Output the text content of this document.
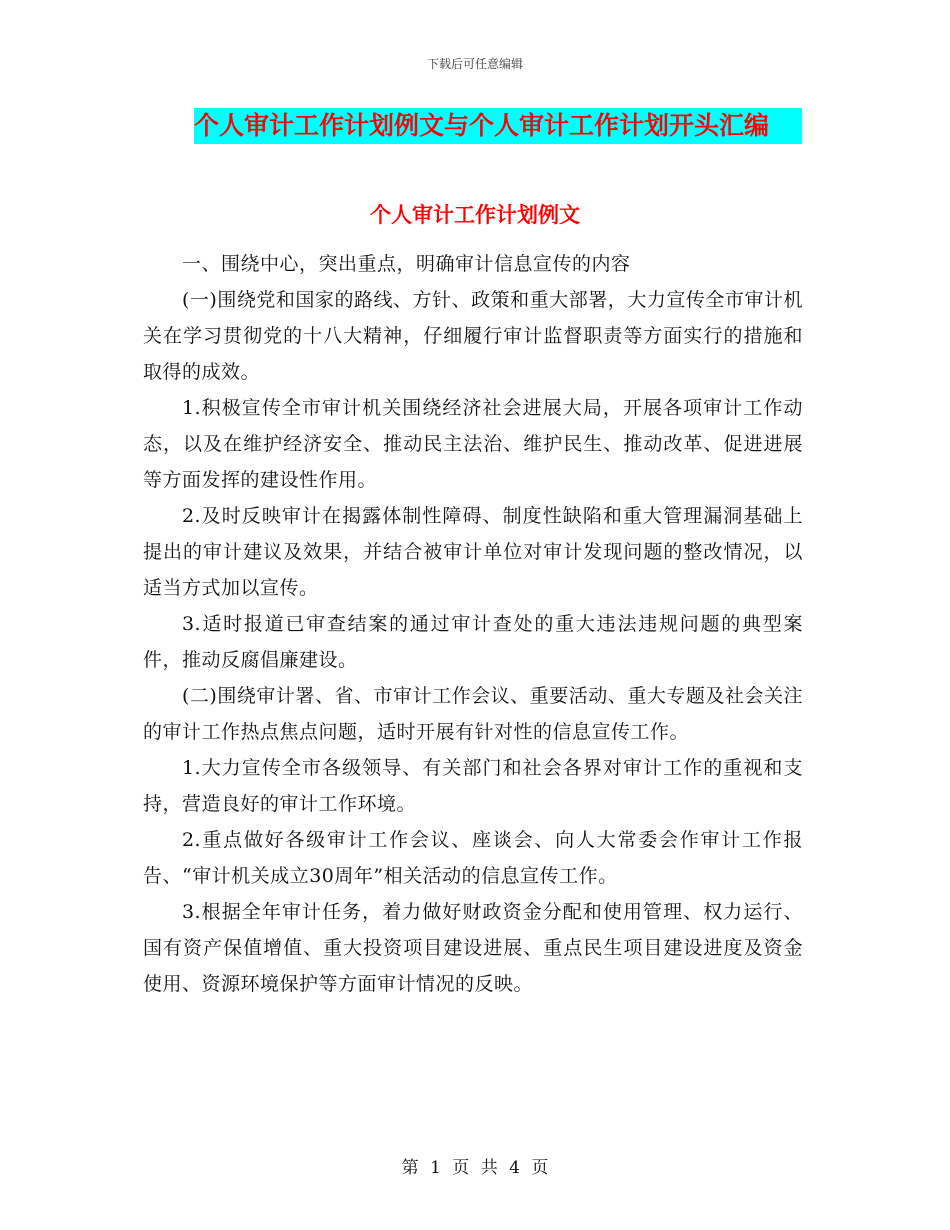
下载后可任意编辑
个人审计工作计划例文与个人审计工作计划开头汇编
个人审计工作计划例文

一、围绕中心，突出重点，明确审计信息宣传的内容

(一)围绕党和国家的路线、方针、政策和重大部署，大力宣传全市审计机关在学习贯彻党的十八大精神，仔细履行审计监督职责等方面实行的措施和取得的成效。

1.积极宣传全市审计机关围绕经济社会进展大局，开展各项审计工作动态，以及在维护经济安全、推动民主法治、维护民生、推动改革、促进进展等方面发挥的建设性作用。

2.及时反映审计在揭露体制性障碍、制度性缺陷和重大管理漏洞基础上提出的审计建议及效果，并结合被审计单位对审计发现问题的整改情况，以适当方式加以宣传。

3.适时报道已审查结案的通过审计查处的重大违法违规问题的典型案件，推动反腐倡廉建设。

(二)围绕审计署、省、市审计工作会议、重要活动、重大专题及社会关注的审计工作热点焦点问题，适时开展有针对性的信息宣传工作。

1.大力宣传全市各级领导、有关部门和社会各界对审计工作的重视和支持，营造良好的审计工作环境。

2.重点做好各级审计工作会议、座谈会、向人大常委会作审计工作报告、“审计机关成立30周年”相关活动的信息宣传工作。

3.根据全年审计任务，着力做好财政资金分配和使用管理、权力运行、国有资产保值增值、重大投资项目建设进展、重点民生项目建设进度及资金使用、资源环境保护等方面审计情况的反映。

第 1 页 共 4 页
